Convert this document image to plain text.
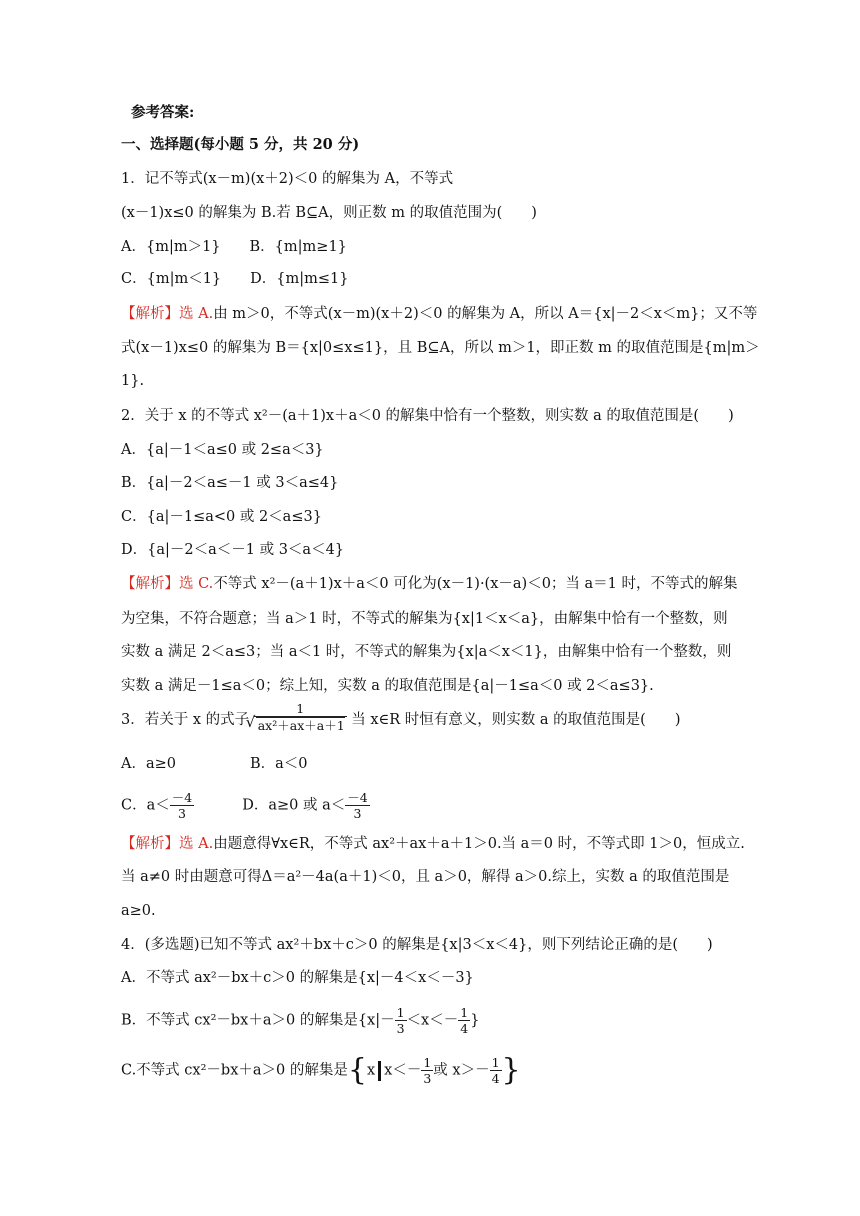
参考答案:
一、选择题(每小题 5 分，共 20 分)
1．记不等式(x－m)(x＋2)＜0 的解集为 A，不等式
(x－1)x≤0 的解集为 B.若 B⊆A，则正数 m 的取值范围为(　　)
A．{m|m＞1}　　B．{m|m≥1}
C．{m|m＜1}　　D．{m|m≤1}
【解析】选 A.由 m＞0，不等式(x－m)(x＋2)＜0 的解集为 A，所以 A＝{x|－2＜x＜m}；又不等
式(x－1)x≤0 的解集为 B＝{x|0≤x≤1}，且 B⊆A，所以 m＞1，即正数 m 的取值范围是{m|m＞
1}.
2．关于 x 的不等式 x²－(a＋1)x＋a＜0 的解集中恰有一个整数，则实数 a 的取值范围是(　　)
A．{a|－1＜a≤0 或 2≤a＜3}
B．{a|－2＜a≤－1 或 3＜a≤4}
C．{a|－1≤a<0 或 2＜a≤3}
D．{a|－2＜a＜－1 或 3＜a＜4}
【解析】选 C.不等式 x²－(a＋1)x＋a＜0 可化为(x－1)·(x－a)＜0；当 a＝1 时，不等式的解集
为空集，不符合题意；当 a＞1 时，不等式的解集为{x|1＜x＜a}，由解集中恰有一个整数，则
实数 a 满足 2＜a≤3；当 a＜1 时，不等式的解集为{x|a＜x＜1}，由解集中恰有一个整数，则
实数 a 满足－1≤a＜0；综上知，实数 a 的取值范围是{a|－1≤a＜0 或 2＜a≤3}.
3．若关于 x 的式子 1
√ ax²＋ax＋a＋1 当 x∈R 时恒有意义，则实数 a 的取值范围是(　　)
A．a≥0	B．a＜0
C．$a< \frac{-4}{3}$	D．a≥0 或 $a< \frac{-4}{3}$
【解析】选 A.由题意得∀x∈R，不等式 ax²＋ax＋a＋1＞0.当 a＝0 时，不等式即 1＞0，恒成立.
当 a≠0 时由题意可得Δ＝a²－4a(a＋1)＜0，且 a＞0，解得 a＞0.综上，实数 a 的取值范围是
a≥0.
4．(多选题)已知不等式 ax²＋bx＋c＞0 的解集是{x|3＜x＜4}，则下列结论正确的是(　　)
A．不等式 ax²－bx＋c＞0 的解集是{x|－4＜x＜－3}
B．不等式 cx²－bx＋a＞0 的解集是{$x|- \frac{1}{3} <x<- \frac{1}{4}$ }
C.不等式 cx²－bx＋a＞0 的解集是{x $x<- \frac{1}{3}$ 或 $x>- \frac{1}{4}$ }
